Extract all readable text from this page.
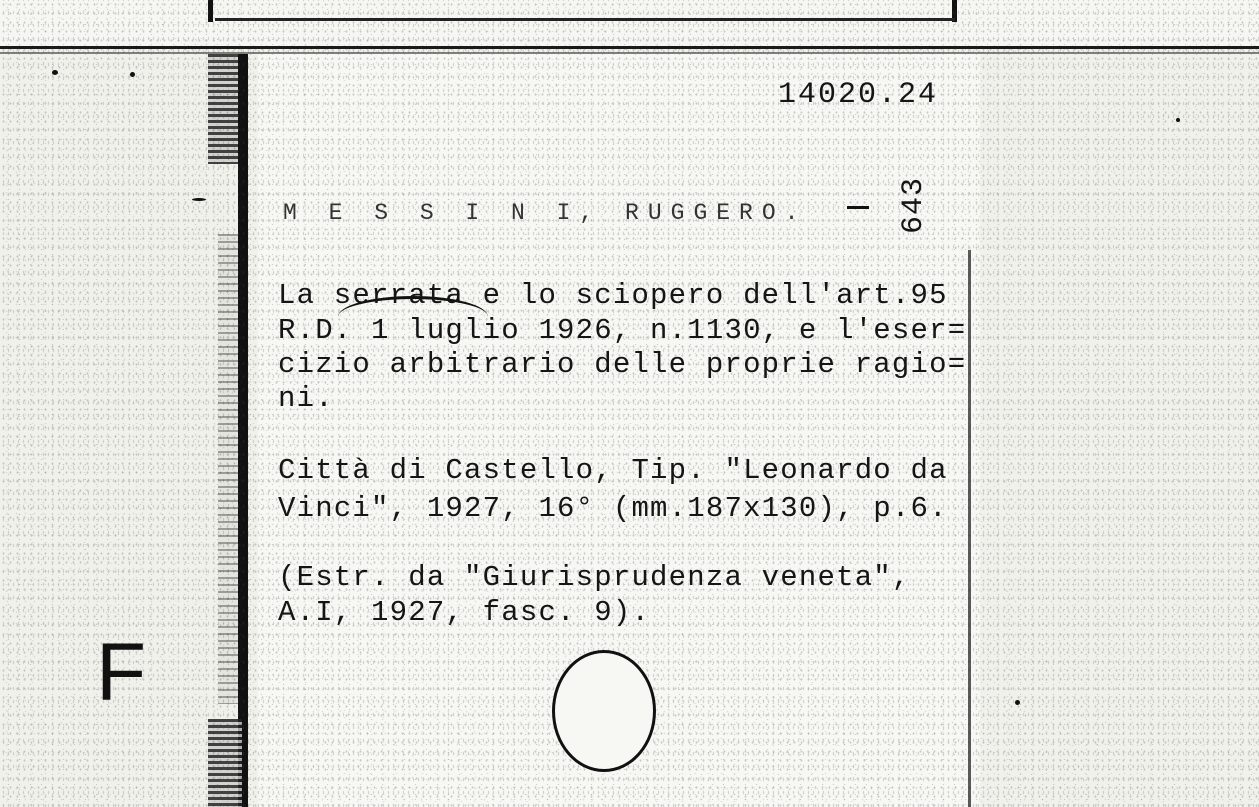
14020.24
643
M E S S I N I, RUGGERO.
La serrata e lo sciopero dell'art.95
R.D. 1 luglio 1926, n.1130, e l'eser=
cizio arbitrario delle proprie ragio=
ni.
Città di Castello, Tip. "Leonardo da
Vinci", 1927, 16° (mm.187x130), p.6.
(Estr. da "Giurisprudenza veneta",
A.I, 1927, fasc. 9).
F
